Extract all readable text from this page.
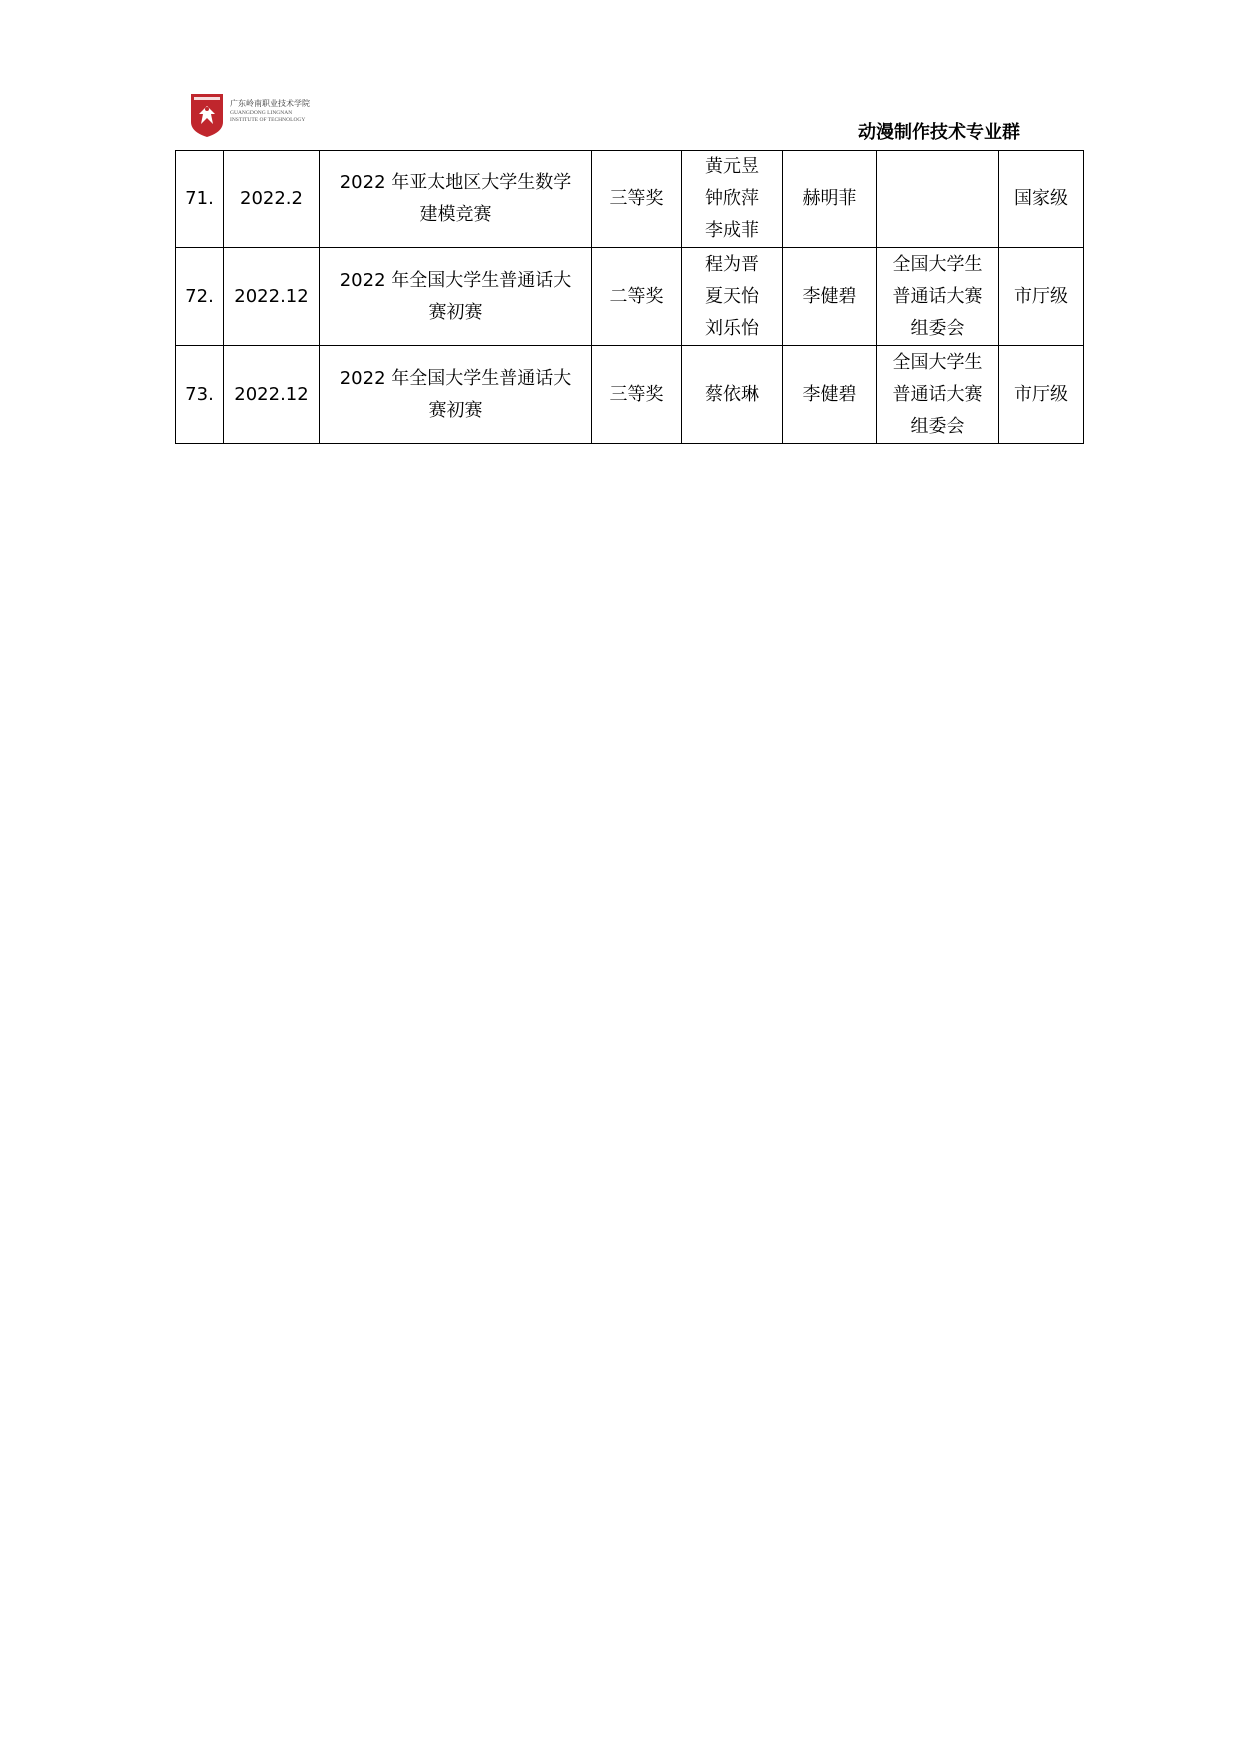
广东岭南职业技术学院
GUANGDONG LINGNAN
INSTITUTE OF TECHNOLOGY
动漫制作技术专业群
71.	2022.2	2022 年亚太地区大学生数学建模竞赛	三等奖	黄元昱
钟欣萍
李成菲	赫明菲		国家级
72.	2022.12	2022 年全国大学生普通话大赛初赛	二等奖	程为晋
夏天怡
刘乐怡	李健碧	全国大学生
普通话大赛
组委会	市厅级
73.	2022.12	2022 年全国大学生普通话大赛初赛	三等奖	蔡依琳	李健碧	全国大学生
普通话大赛
组委会	市厅级
